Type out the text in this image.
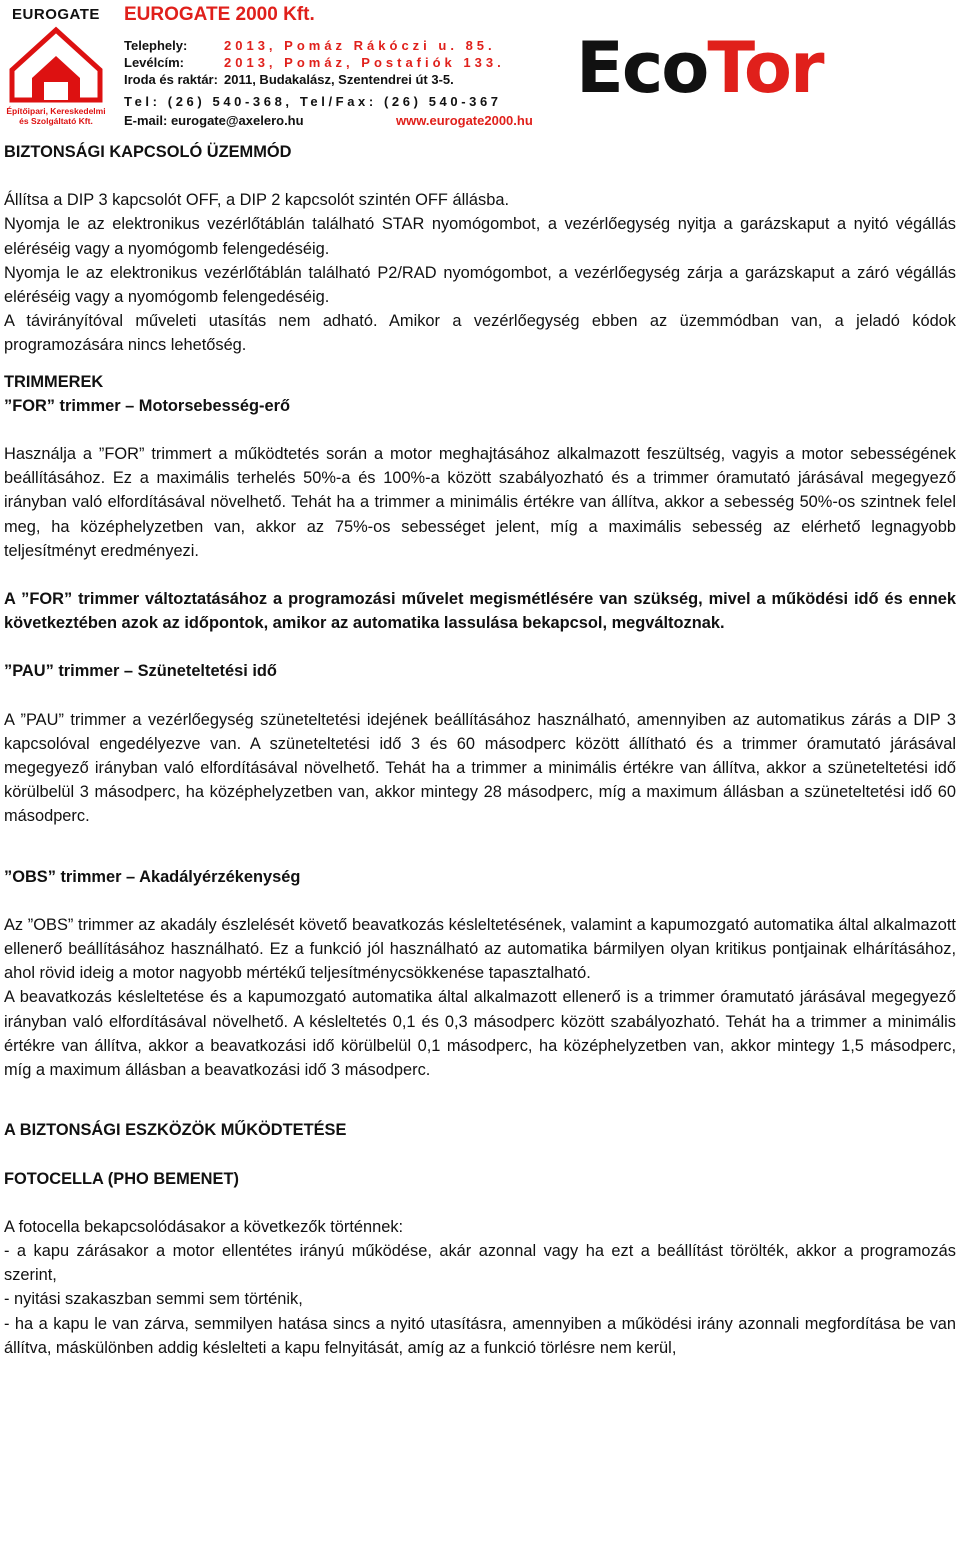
EUROGATE
Építőipari, Kereskedelmi
és Szolgáltató Kft.
EUROGATE 2000 Kft.
Telephely:	2013, Pomáz Rákóczi u. 85.
Levélcím:	2013, Pomáz, Postafiók 133.
Iroda és raktár: 2011, Budakalász, Szentendrei út 3-5.
Tel: (26) 540-368, Tel/Fax: (26) 540-367
E-mail: eurogate@axelero.hu	www.eurogate2000.hu
EcoTor

BIZTONSÁGI KAPCSOLÓ ÜZEMMÓD

Állítsa a DIP 3 kapcsolót OFF, a DIP 2 kapcsolót szintén OFF állásba.

Nyomja le az elektronikus vezérlőtáblán található STAR nyomógombot, a vezérlőegység nyitja a garázskaput a nyitó végállás eléréséig vagy a nyomógomb felengedéséig.

Nyomja le az elektronikus vezérlőtáblán található P2/RAD nyomógombot, a vezérlőegység zárja a garázskaput a záró végállás eléréséig vagy a nyomógomb felengedéséig.

A távirányítóval műveleti utasítás nem adható. Amikor a vezérlőegység ebben az üzemmódban van, a jeladó kódok programozására nincs lehetőség.

TRIMMEREK

”FOR” trimmer – Motorsebesség-erő

Használja a ”FOR” trimmert a működtetés során a motor meghajtásához alkalmazott feszültség, vagyis a motor sebességének beállításához. Ez a maximális terhelés 50%-a és 100%-a között szabályozható és a trimmer óramutató járásával megegyező irányban való elfordításával növelhető. Tehát ha a trimmer a minimális értékre van állítva, akkor a sebesség 50%-os szintnek felel meg, ha középhelyzetben van, akkor az 75%-os sebességet jelent, míg a maximális sebesség az elérhető legnagyobb teljesítményt eredményezi.

A ”FOR” trimmer változtatásához a programozási művelet megismétlésére van szükség, mivel a működési idő és ennek következtében azok az időpontok, amikor az automatika lassulása bekapcsol, megváltoznak.

”PAU” trimmer – Szüneteltetési idő

A ”PAU” trimmer a vezérlőegység szüneteltetési idejének beállításához használható, amennyiben az automatikus zárás a DIP 3 kapcsolóval engedélyezve van. A szüneteltetési idő 3 és 60 másodperc között állítható és a trimmer óramutató járásával megegyező irányban való elfordításával növelhető. Tehát ha a trimmer a minimális értékre van állítva, akkor a szüneteltetési idő körülbelül 3 másodperc, ha középhelyzetben van, akkor mintegy 28 másodperc, míg a maximum állásban a szüneteltetési idő 60 másodperc.

”OBS” trimmer – Akadályérzékenység

Az ”OBS” trimmer az akadály észlelését követő beavatkozás késleltetésének, valamint a kapumozgató automatika által alkalmazott ellenerő beállításához használható. Ez a funkció jól használható az automatika bármilyen olyan kritikus pontjainak elhárításához, ahol rövid ideig a motor nagyobb mértékű teljesítménycsökkenése tapasztalható.

A beavatkozás késleltetése és a kapumozgató automatika által alkalmazott ellenerő is a trimmer óramutató járásával megegyező irányban való elfordításával növelhető. A késleltetés 0,1 és 0,3 másodperc között szabályozható. Tehát ha a trimmer a minimális értékre van állítva, akkor a beavatkozási idő körülbelül 0,1 másodperc, ha középhelyzetben van, akkor mintegy 1,5 másodperc, míg a maximum állásban a beavatkozási idő 3 másodperc.

A BIZTONSÁGI ESZKÖZÖK MŰKÖDTETÉSE

FOTOCELLA (PHO BEMENET)

A fotocella bekapcsolódásakor a következők történnek:

- a kapu zárásakor a motor ellentétes irányú működése, akár azonnal vagy ha ezt a beállítást törölték, akkor a programozás szerint,

- nyitási szakaszban semmi sem történik,

- ha a kapu le van zárva, semmilyen hatása sincs a nyitó utasításra, amennyiben a működési irány azonnali megfordítása be van állítva, máskülönben addig késlelteti a kapu felnyitását, amíg az a funkció törlésre nem kerül,
